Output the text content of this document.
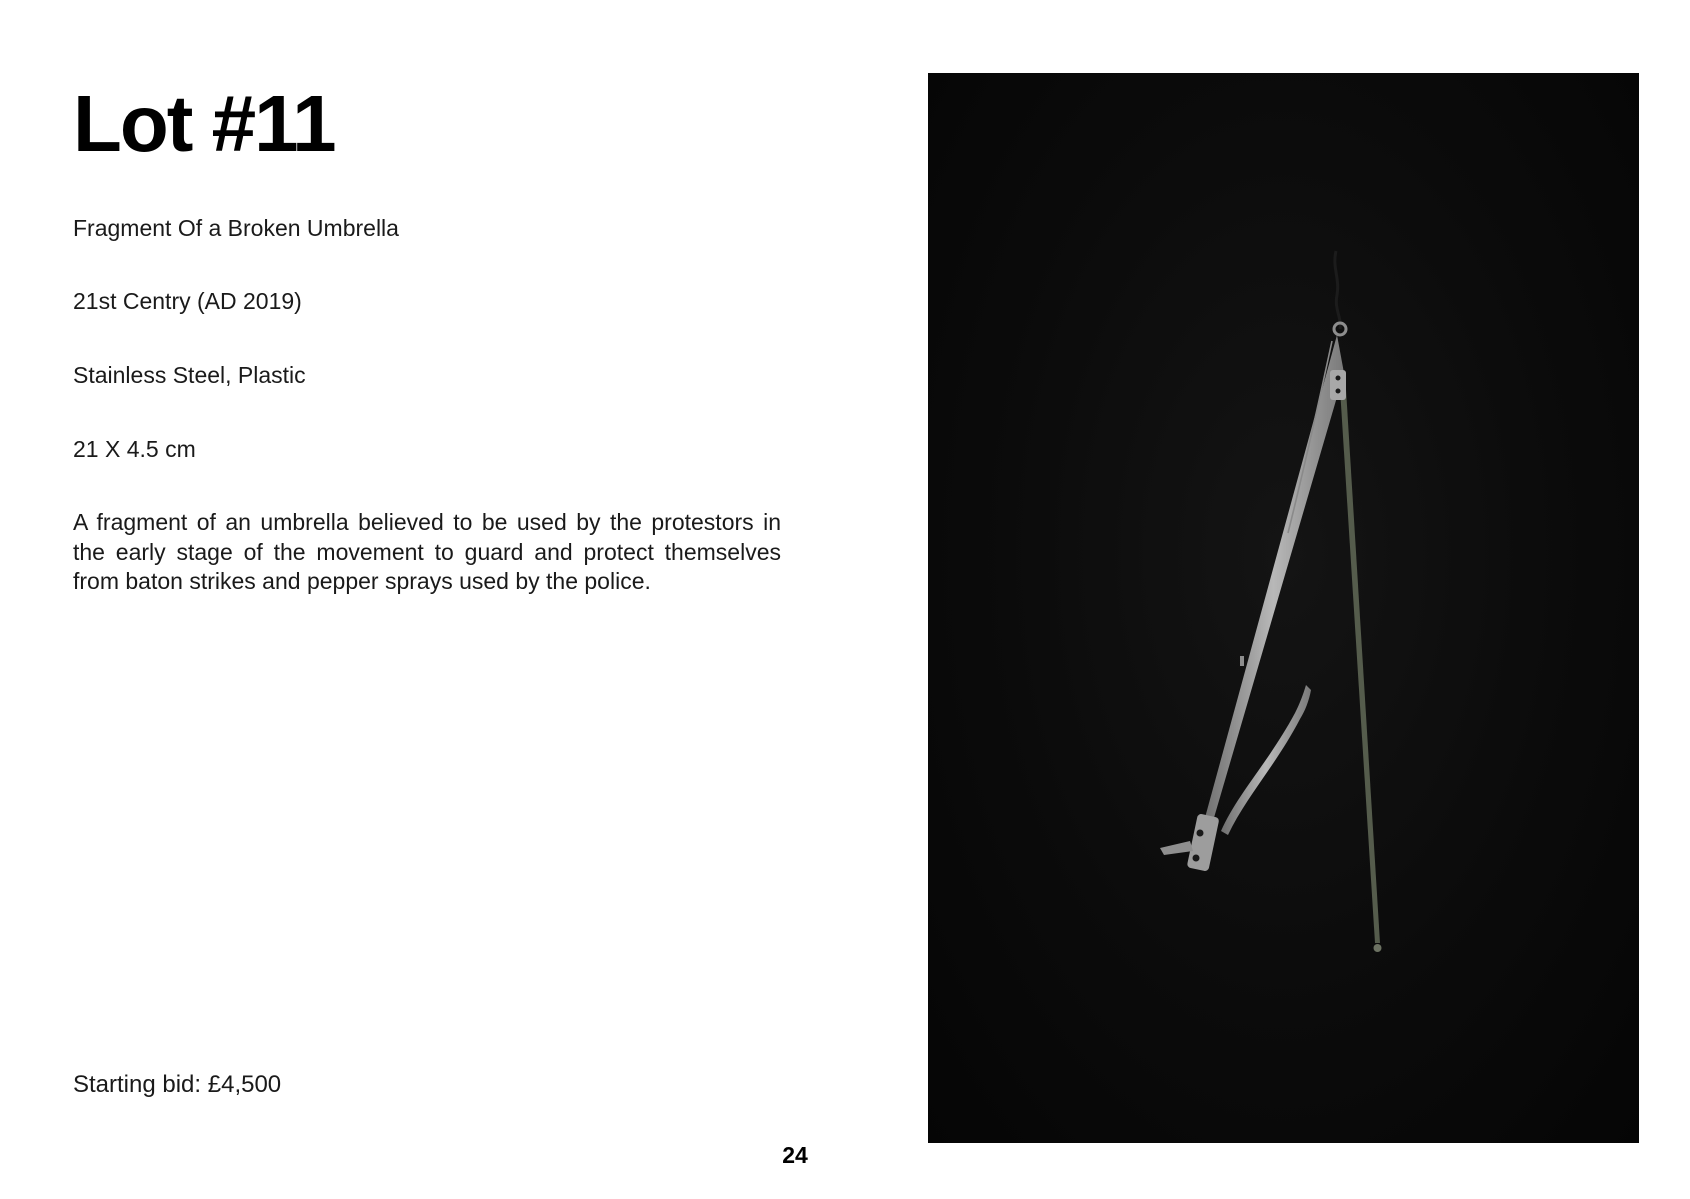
Lot #11

Fragment Of a Broken Umbrella

21st Centry (AD 2019)

Stainless Steel, Plastic

21 X 4.5 cm

A fragment of an umbrella believed to be used by the protestors in the early stage of the movement to guard and protect themselves from baton strikes and pepper sprays used by the police.

Starting bid: £4,500

24
